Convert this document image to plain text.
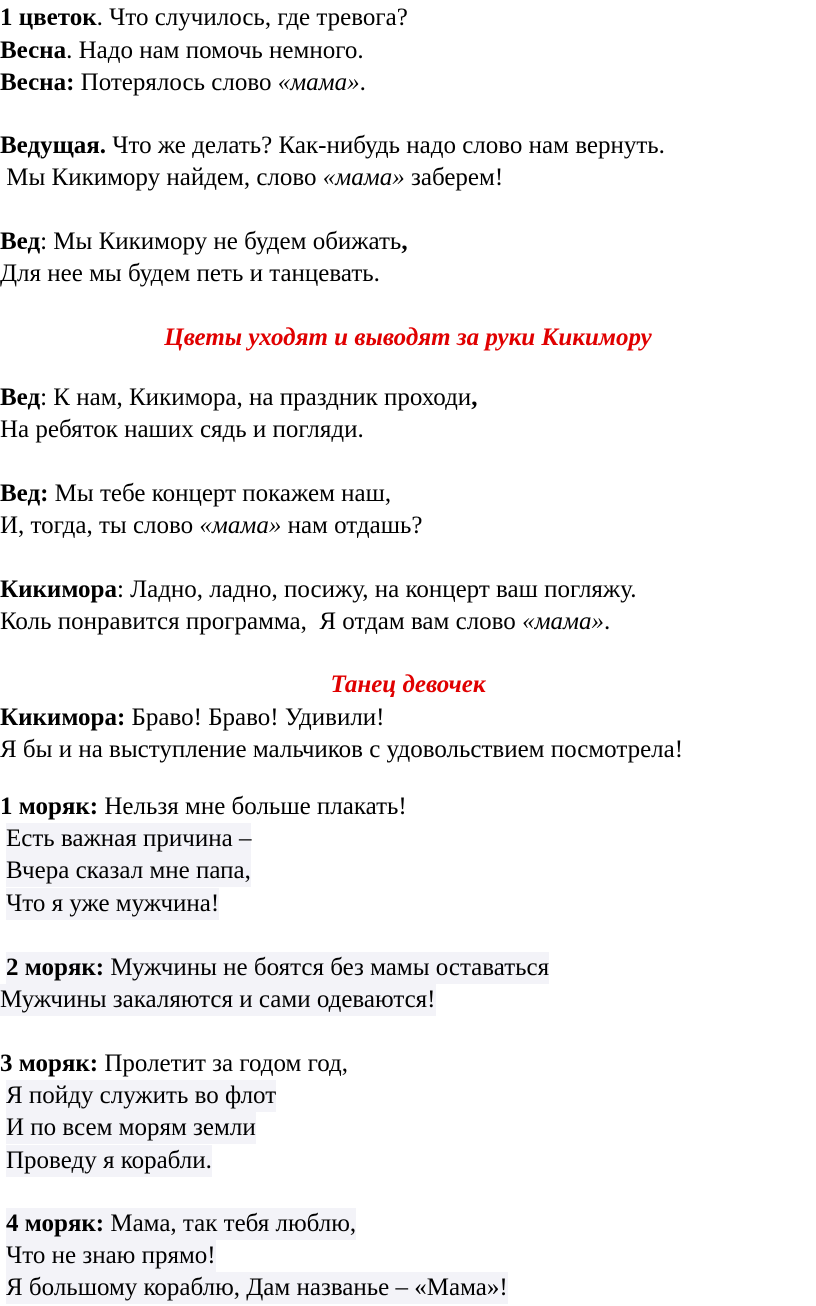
1 цветок. Что случилось, где тревога?
Весна. Надо нам помочь немного.
Весна: Потерялось слово «мама».
Ведущая. Что же делать? Как-нибудь надо слово нам вернуть.
Мы Кикимору найдем, слово «мама» заберем!
Вед: Мы Кикимору не будем обижать,
Для нее мы будем петь и танцевать.
Цветы уходят и выводят за руки Кикимору
Вед: К нам, Кикимора, на праздник проходи,
На ребяток наших сядь и погляди.
Вед: Мы тебе концерт покажем наш,
И, тогда, ты слово «мама» нам отдашь?
Кикимора: Ладно, ладно, посижу, на концерт ваш погляжу.
Коль понравится программа,  Я отдам вам слово «мама».
Танец девочек
Кикимора: Браво! Браво! Удивили!
Я бы и на выступление мальчиков с удовольствием посмотрела!
1 моряк: Нельзя мне больше плакать!
Есть важная причина –
Вчера сказал мне папа,
Что я уже мужчина!
2 моряк: Мужчины не боятся без мамы оставаться
Мужчины закаляются и сами одеваются!
3 моряк: Пролетит за годом год,
Я пойду служить во флот
И по всем морям земли
Проведу я корабли.
4 моряк: Мама, так тебя люблю,
Что не знаю прямо!
Я большому кораблю, Дам названье – «Мама»!
